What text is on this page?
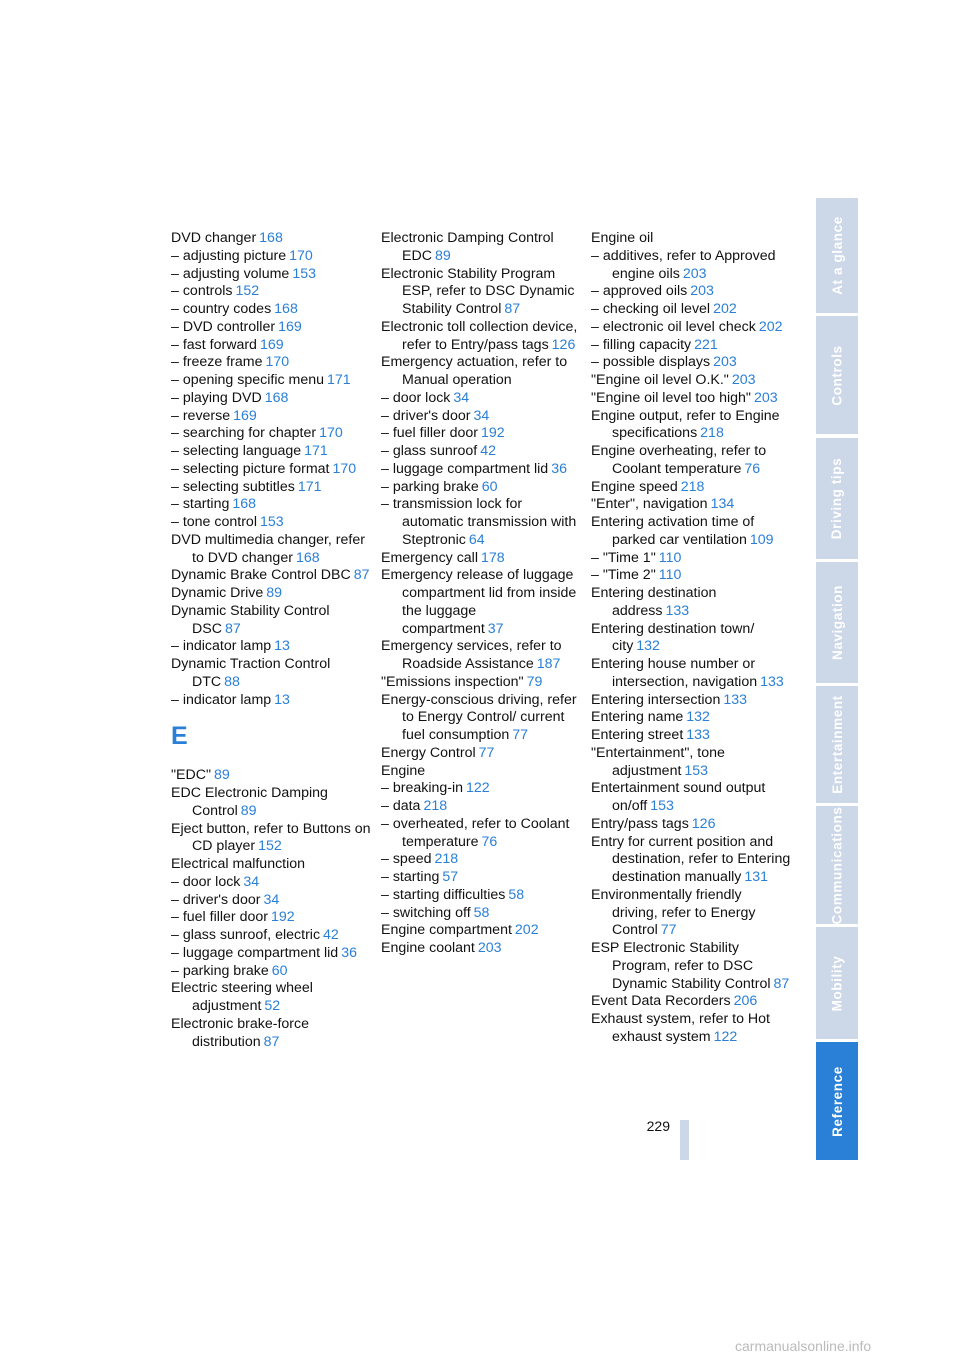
DVD changer 168
– adjusting picture 170
– adjusting volume 153
– controls 152
– country codes 168
– DVD controller 169
– fast forward 169
– freeze frame 170
– opening specific menu 171
– playing DVD 168
– reverse 169
– searching for chapter 170
– selecting language 171
– selecting picture format 170
– selecting subtitles 171
– starting 168
– tone control 153
DVD multimedia changer, refer to DVD changer 168
Dynamic Brake Control DBC 87
Dynamic Drive 89
Dynamic Stability Control DSC 87
– indicator lamp 13
Dynamic Traction Control DTC 88
– indicator lamp 13
E
"EDC" 89
EDC Electronic Damping Control 89
Eject button, refer to Buttons on CD player 152
Electrical malfunction
– door lock 34
– driver's door 34
– fuel filler door 192
– glass sunroof, electric 42
– luggage compartment lid 36
– parking brake 60
Electric steering wheel adjustment 52
Electronic brake-force distribution 87
Electronic Damping Control EDC 89
Electronic Stability Program ESP, refer to DSC Dynamic Stability Control 87
Electronic toll collection device, refer to Entry/pass tags 126
Emergency actuation, refer to Manual operation
– door lock 34
– driver's door 34
– fuel filler door 192
– glass sunroof 42
– luggage compartment lid 36
– parking brake 60
– transmission lock for automatic transmission with Steptronic 64
Emergency call 178
Emergency release of luggage compartment lid from inside the luggage compartment 37
Emergency services, refer to Roadside Assistance 187
"Emissions inspection" 79
Energy-conscious driving, refer to Energy Control/ current fuel consumption 77
Energy Control 77
Engine
– breaking-in 122
– data 218
– overheated, refer to Coolant temperature 76
– speed 218
– starting 57
– starting difficulties 58
– switching off 58
Engine compartment 202
Engine coolant 203
Engine oil
– additives, refer to Approved engine oils 203
– approved oils 203
– checking oil level 202
– electronic oil level check 202
– filling capacity 221
– possible displays 203
"Engine oil level O.K." 203
"Engine oil level too high" 203
Engine output, refer to Engine specifications 218
Engine overheating, refer to Coolant temperature 76
Engine speed 218
"Enter", navigation 134
Entering activation time of parked car ventilation 109
– "Time 1" 110
– "Time 2" 110
Entering destination address 133
Entering destination town/ city 132
Entering house number or intersection, navigation 133
Entering intersection 133
Entering name 132
Entering street 133
"Entertainment", tone adjustment 153
Entertainment sound output on/off 153
Entry/pass tags 126
Entry for current position and destination, refer to Entering destination manually 131
Environmentally friendly driving, refer to Energy Control 77
ESP Electronic Stability Program, refer to DSC Dynamic Stability Control 87
Event Data Recorders 206
Exhaust system, refer to Hot exhaust system 122
At a glance
Controls
Driving tips
Navigation
Entertainment
Communications
Mobility
Reference
229
carmanualsonline.info
